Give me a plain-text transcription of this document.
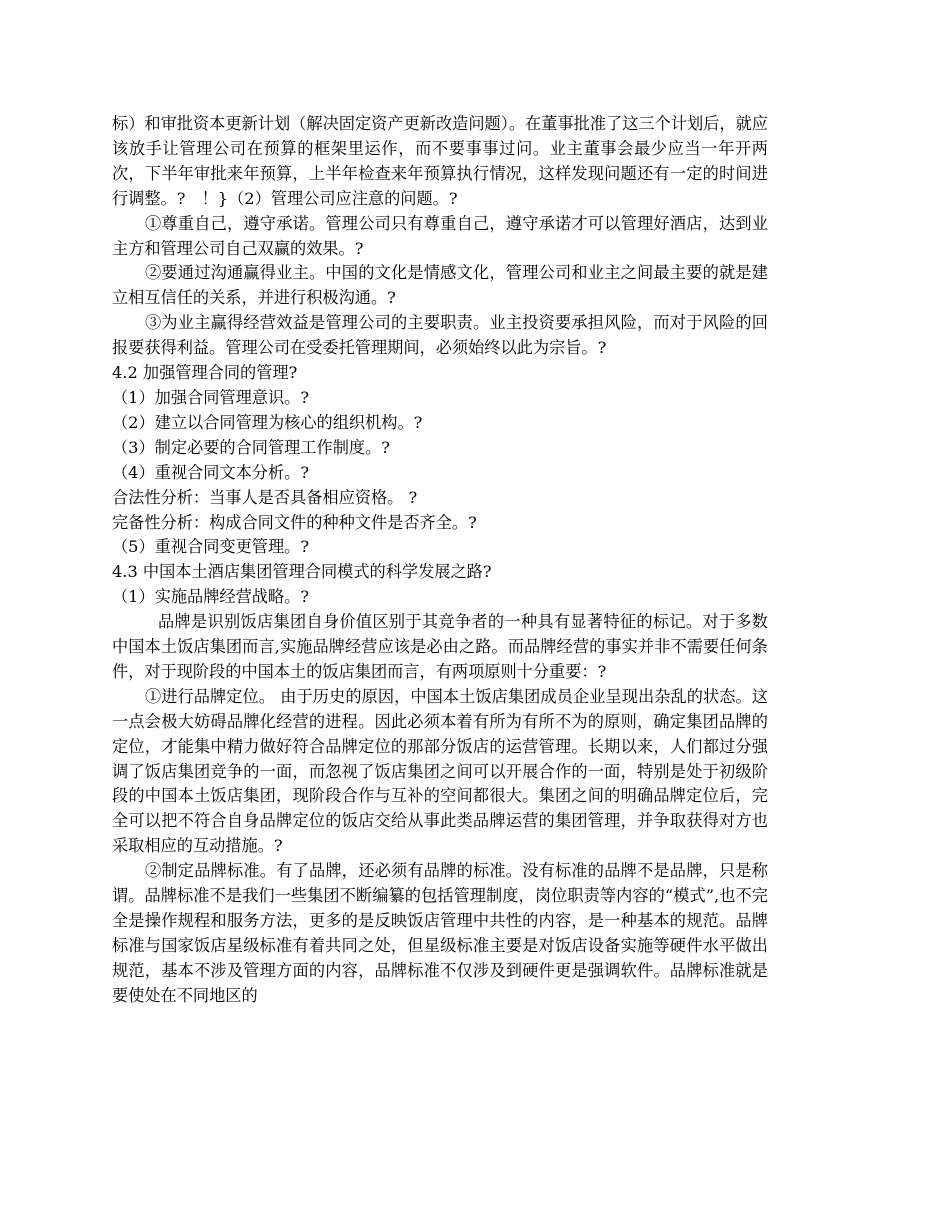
标）和审批资本更新计划（解决固定资产更新改造问题）。在董事批准了这三个计划后，就应该放手让管理公司在预算的框架里运作，而不要事事过问。业主董事会最少应当一年开两次，下半年审批来年预算，上半年检查来年预算执行情况，这样发现问题还有一定的时间进行调整。?　！}（2）管理公司应注意的问题。?

①尊重自己，遵守承诺。管理公司只有尊重自己，遵守承诺才可以管理好酒店，达到业主方和管理公司自己双赢的效果。?

②要通过沟通赢得业主。中国的文化是情感文化，管理公司和业主之间最主要的就是建立相互信任的关系，并进行积极沟通。?

③为业主赢得经营效益是管理公司的主要职责。业主投资要承担风险，而对于风险的回报要获得利益。管理公司在受委托管理期间，必须始终以此为宗旨。?

4.2 加强管理合同的管理?

（1）加强合同管理意识。?

（2）建立以合同管理为核心的组织机构。?

（3）制定必要的合同管理工作制度。?

（4）重视合同文本分析。?

合法性分析：当事人是否具备相应资格。 ?

完备性分析：构成合同文件的种种文件是否齐全。?

（5）重视合同变更管理。?

4.3 中国本土酒店集团管理合同模式的科学发展之路?

（1）实施品牌经营战略。?

品牌是识别饭店集团自身价值区别于其竞争者的一种具有显著特征的标记。对于多数中国本土饭店集团而言,实施品牌经营应该是必由之路。而品牌经营的事实并非不需要任何条件，对于现阶段的中国本土的饭店集团而言，有两项原则十分重要：?

①进行品牌定位。 由于历史的原因，中国本土饭店集团成员企业呈现出杂乱的状态。这一点会极大妨碍品牌化经营的进程。因此必须本着有所为有所不为的原则，确定集团品牌的定位，才能集中精力做好符合品牌定位的那部分饭店的运营管理。长期以来，人们都过分强调了饭店集团竞争的一面，而忽视了饭店集团之间可以开展合作的一面，特别是处于初级阶段的中国本土饭店集团，现阶段合作与互补的空间都很大。集团之间的明确品牌定位后，完全可以把不符合自身品牌定位的饭店交给从事此类品牌运营的集团管理，并争取获得对方也采取相应的互动措施。?

②制定品牌标准。有了品牌，还必须有品牌的标准。没有标准的品牌不是品牌，只是称谓。品牌标准不是我们一些集团不断编纂的包括管理制度，岗位职责等内容的“模式”,也不完全是操作规程和服务方法，更多的是反映饭店管理中共性的内容，是一种基本的规范。品牌标准与国家饭店星级标准有着共同之处，但星级标准主要是对饭店设备实施等硬件水平做出规范，基本不涉及管理方面的内容，品牌标准不仅涉及到硬件更是强调软件。品牌标准就是要使处在不同地区的
